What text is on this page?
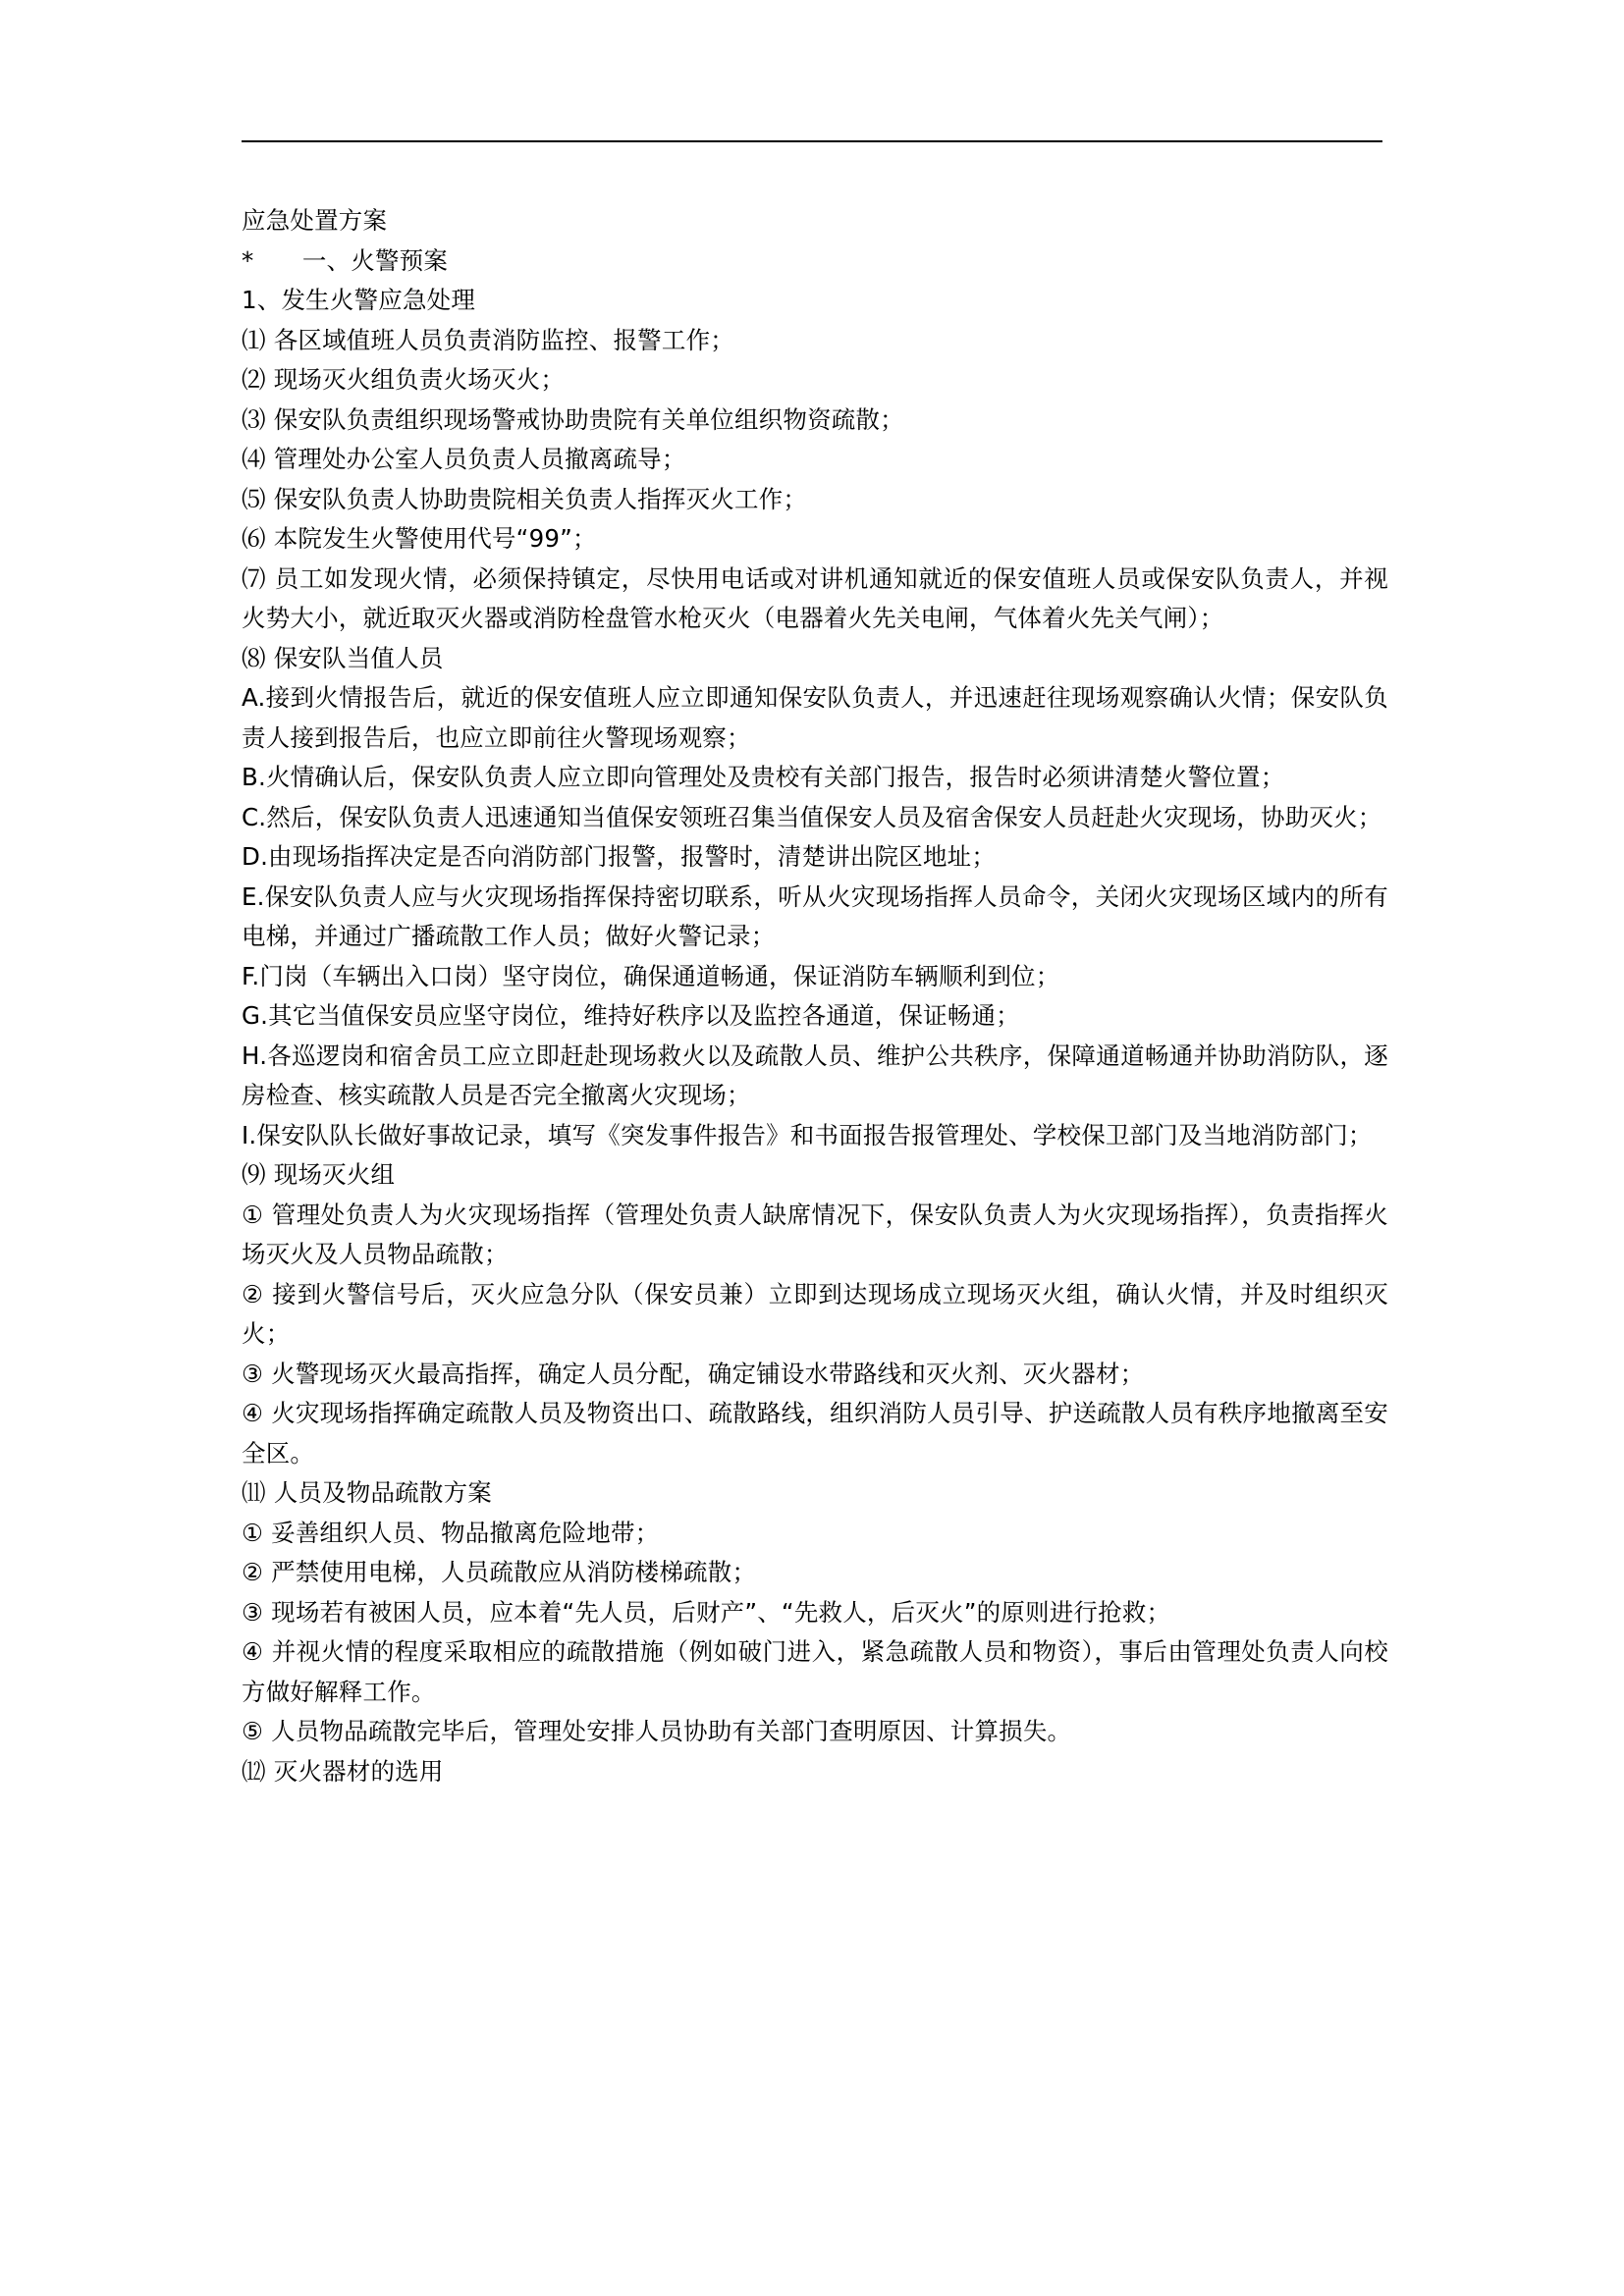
应急处置方案

*　　一、火警预案

1、发生火警应急处理

⑴ 各区域值班人员负责消防监控、报警工作；

⑵ 现场灭火组负责火场灭火；

⑶ 保安队负责组织现场警戒协助贵院有关单位组织物资疏散；

⑷ 管理处办公室人员负责人员撤离疏导；

⑸ 保安队负责人协助贵院相关负责人指挥灭火工作；

⑹ 本院发生火警使用代号“99”；

⑺ 员工如发现火情，必须保持镇定，尽快用电话或对讲机通知就近的保安值班人员或保安队负责人，并视火势大小，就近取灭火器或消防栓盘管水枪灭火（电器着火先关电闸，气体着火先关气闸）；

⑻ 保安队当值人员

A.接到火情报告后，就近的保安值班人应立即通知保安队负责人，并迅速赶往现场观察确认火情；保安队负责人接到报告后，也应立即前往火警现场观察；

B.火情确认后，保安队负责人应立即向管理处及贵校有关部门报告，报告时必须讲清楚火警位置；

C.然后，保安队负责人迅速通知当值保安领班召集当值保安人员及宿舍保安人员赶赴火灾现场，协助灭火；

D.由现场指挥决定是否向消防部门报警，报警时，清楚讲出院区地址；

E.保安队负责人应与火灾现场指挥保持密切联系，听从火灾现场指挥人员命令，关闭火灾现场区域内的所有电梯，并通过广播疏散工作人员；做好火警记录；

F.门岗（车辆出入口岗）坚守岗位，确保通道畅通，保证消防车辆顺利到位；

G.其它当值保安员应坚守岗位，维持好秩序以及监控各通道，保证畅通；

H.各巡逻岗和宿舍员工应立即赶赴现场救火以及疏散人员、维护公共秩序，保障通道畅通并协助消防队，逐房检查、核实疏散人员是否完全撤离火灾现场；

I.保安队队长做好事故记录，填写《突发事件报告》和书面报告报管理处、学校保卫部门及当地消防部门；

⑼ 现场灭火组

① 管理处负责人为火灾现场指挥（管理处负责人缺席情况下，保安队负责人为火灾现场指挥），负责指挥火场灭火及人员物品疏散；

② 接到火警信号后，灭火应急分队（保安员兼）立即到达现场成立现场灭火组，确认火情，并及时组织灭火；

③ 火警现场灭火最高指挥，确定人员分配，确定铺设水带路线和灭火剂、灭火器材；

④ 火灾现场指挥确定疏散人员及物资出口、疏散路线，组织消防人员引导、护送疏散人员有秩序地撤离至安全区。

⑾ 人员及物品疏散方案

① 妥善组织人员、物品撤离危险地带；

② 严禁使用电梯，人员疏散应从消防楼梯疏散；

③ 现场若有被困人员，应本着“先人员，后财产”、“先救人，后灭火”的原则进行抢救；

④ 并视火情的程度采取相应的疏散措施（例如破门进入，紧急疏散人员和物资），事后由管理处负责人向校方做好解释工作。

⑤ 人员物品疏散完毕后，管理处安排人员协助有关部门查明原因、计算损失。

⑿ 灭火器材的选用
